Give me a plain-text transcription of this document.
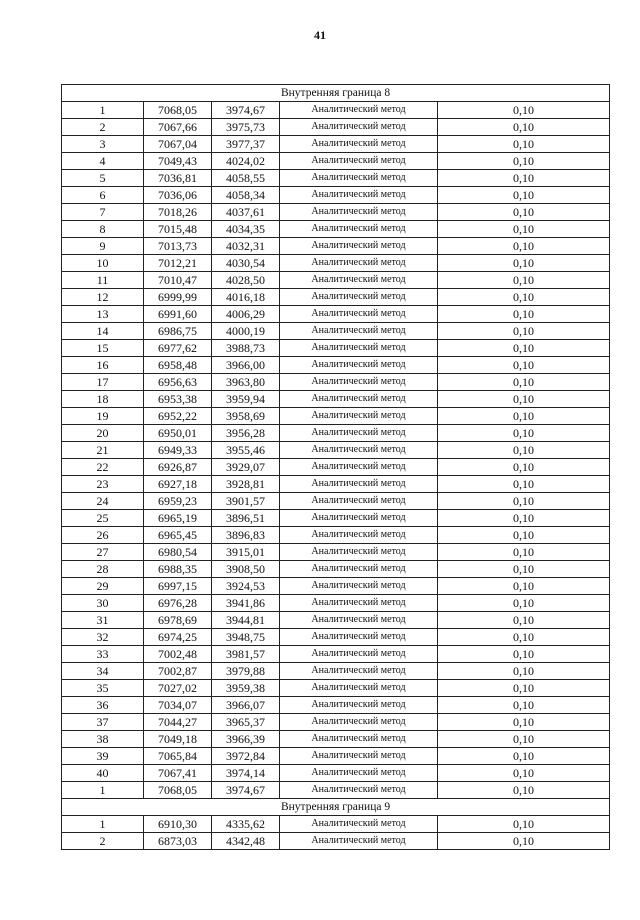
41
Внутренняя граница 8				
1	7068,05	3974,67	Аналитический метод	0,10
2	7067,66	3975,73	Аналитический метод	0,10
3	7067,04	3977,37	Аналитический метод	0,10
4	7049,43	4024,02	Аналитический метод	0,10
5	7036,81	4058,55	Аналитический метод	0,10
6	7036,06	4058,34	Аналитический метод	0,10
7	7018,26	4037,61	Аналитический метод	0,10
8	7015,48	4034,35	Аналитический метод	0,10
9	7013,73	4032,31	Аналитический метод	0,10
10	7012,21	4030,54	Аналитический метод	0,10
11	7010,47	4028,50	Аналитический метод	0,10
12	6999,99	4016,18	Аналитический метод	0,10
13	6991,60	4006,29	Аналитический метод	0,10
14	6986,75	4000,19	Аналитический метод	0,10
15	6977,62	3988,73	Аналитический метод	0,10
16	6958,48	3966,00	Аналитический метод	0,10
17	6956,63	3963,80	Аналитический метод	0,10
18	6953,38	3959,94	Аналитический метод	0,10
19	6952,22	3958,69	Аналитический метод	0,10
20	6950,01	3956,28	Аналитический метод	0,10
21	6949,33	3955,46	Аналитический метод	0,10
22	6926,87	3929,07	Аналитический метод	0,10
23	6927,18	3928,81	Аналитический метод	0,10
24	6959,23	3901,57	Аналитический метод	0,10
25	6965,19	3896,51	Аналитический метод	0,10
26	6965,45	3896,83	Аналитический метод	0,10
27	6980,54	3915,01	Аналитический метод	0,10
28	6988,35	3908,50	Аналитический метод	0,10
29	6997,15	3924,53	Аналитический метод	0,10
30	6976,28	3941,86	Аналитический метод	0,10
31	6978,69	3944,81	Аналитический метод	0,10
32	6974,25	3948,75	Аналитический метод	0,10
33	7002,48	3981,57	Аналитический метод	0,10
34	7002,87	3979,88	Аналитический метод	0,10
35	7027,02	3959,38	Аналитический метод	0,10
36	7034,07	3966,07	Аналитический метод	0,10
37	7044,27	3965,37	Аналитический метод	0,10
38	7049,18	3966,39	Аналитический метод	0,10
39	7065,84	3972,84	Аналитический метод	0,10
40	7067,41	3974,14	Аналитический метод	0,10
1	7068,05	3974,67	Аналитический метод	0,10
Внутренняя граница 9				
1	6910,30	4335,62	Аналитический метод	0,10
2	6873,03	4342,48	Аналитический метод	0,10
